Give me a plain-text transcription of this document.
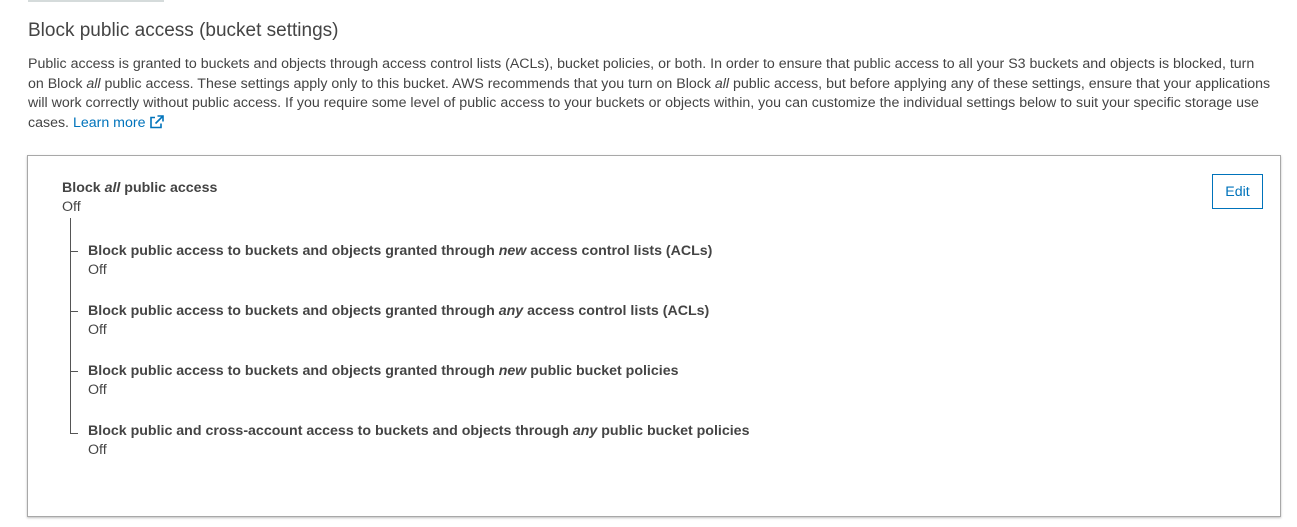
Block public access (bucket settings)

Public access is granted to buckets and objects through access control lists (ACLs), bucket policies, or both. In order to ensure that public access to all your S3 buckets and objects is blocked, turn on Block all public access. These settings apply only to this bucket. AWS recommends that you turn on Block all public access, but before applying any of these settings, ensure that your applications will work correctly without public access. If you require some level of public access to your buckets or objects within, you can customize the individual settings below to suit your specific storage use cases. Learn more

Block all public access
Off
Edit
Block public access to buckets and objects granted through new access control lists (ACLs)
Off
Block public access to buckets and objects granted through any access control lists (ACLs)
Off
Block public access to buckets and objects granted through new public bucket policies
Off
Block public and cross-account access to buckets and objects through any public bucket policies
Off
